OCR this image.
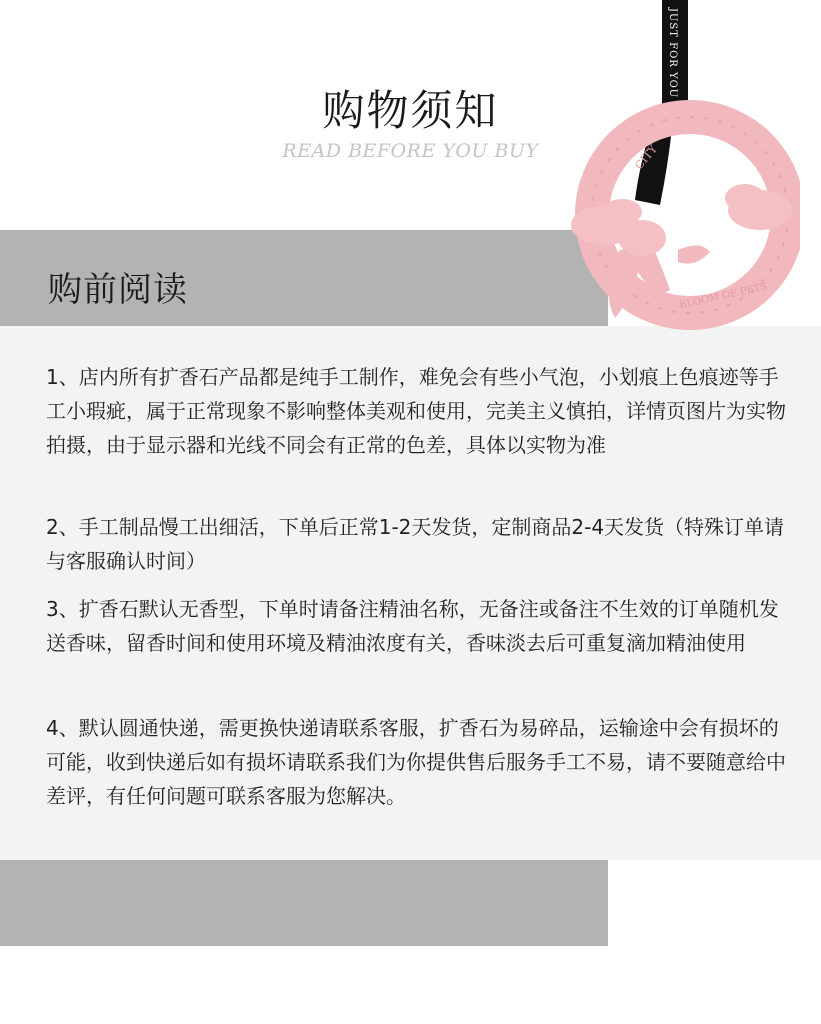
购物须知
READ BEFORE YOU BUY
购前阅读
1、店内所有扩香石产品都是纯手工制作，难免会有些小气泡，小划痕上色痕迹等手工小瑕疵，属于正常现象不影响整体美观和使用，完美主义慎拍，详情页图片为实物拍摄，由于显示器和光线不同会有正常的色差，具体以实物为准
2、手工制品慢工出细活，下单后正常1-2天发货，定制商品2-4天发货（特殊订单请与客服确认时间）
3、扩香石默认无香型，下单时请备注精油名称，无备注或备注不生效的订单随机发送香味，留香时间和使用环境及精油浓度有关，香味淡去后可重复滴加精油使用
4、默认圆通快递，需更换快递请联系客服，扩香石为易碎品，运输途中会有损坏的可能，收到快递后如有损坏请联系我们为你提供售后服务手工不易，请不要随意给中差评，有任何问题可联系客服为您解决。
CITY
BLOOM OF PETS
JUST FOR YOU
